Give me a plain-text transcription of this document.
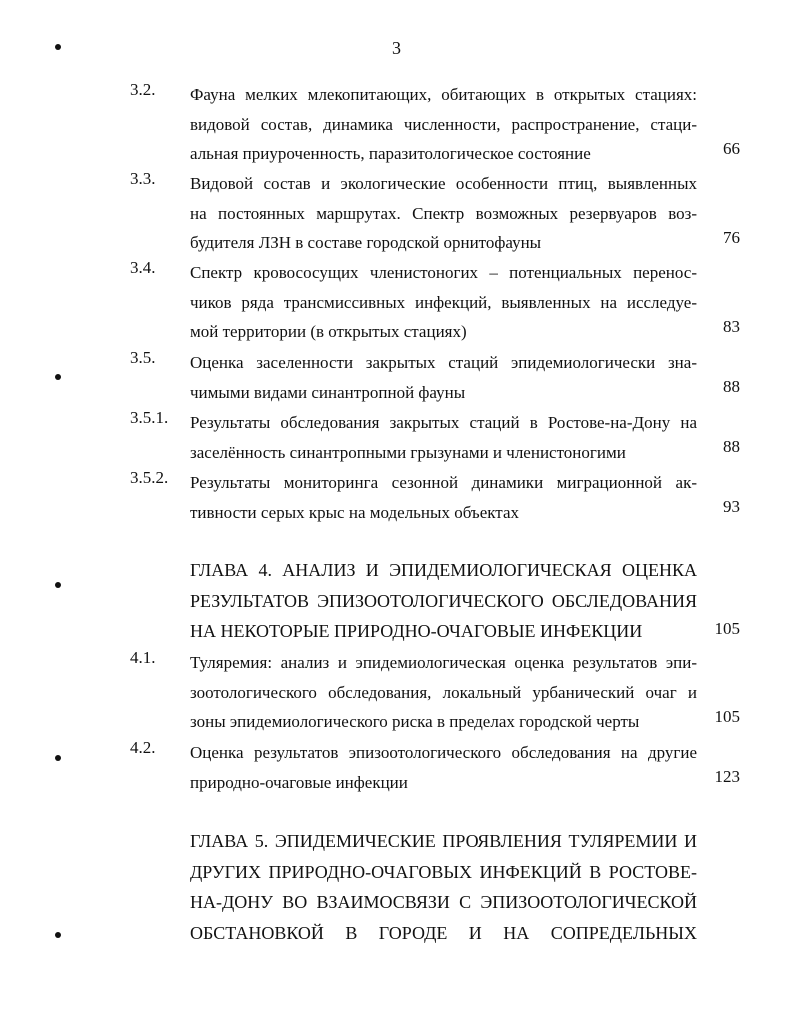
3
3.2. Фауна мелких млекопитающих, обитающих в открытых стациях:
видовой состав, динамика численности, распространение, стаци-
альная приуроченность, паразитологическое состояние	66
3.3. Видовой состав и экологические особенности птиц, выявленных
на постоянных маршрутах. Спектр возможных резервуаров воз-
будителя ЛЗН в составе городской орнитофауны	76
3.4. Спектр кровососущих членистоногих – потенциальных перенос-
чиков ряда трансмиссивных инфекций, выявленных на исследуе-
мой территории (в открытых стациях)	83
3.5. Оценка заселенности закрытых стаций эпидемиологически зна-
чимыми видами синантропной фауны	88
3.5.1. Результаты обследования закрытых стаций в Ростове-на-Дону на
заселённость синантропными грызунами и членистоногими	88
3.5.2. Результаты мониторинга сезонной динамики миграционной ак-
тивности серых крыс на модельных объектах	93
ГЛАВА 4. АНАЛИЗ И ЭПИДЕМИОЛОГИЧЕСКАЯ ОЦЕНКА
РЕЗУЛЬТАТОВ ЭПИЗООТОЛОГИЧЕСКОГО ОБСЛЕДОВАНИЯ
НА НЕКОТОРЫЕ ПРИРОДНО-ОЧАГОВЫЕ ИНФЕКЦИИ	105
4.1. Туляремия: анализ и эпидемиологическая оценка результатов эпи-
зоотологического обследования, локальный урбанический очаг и
зоны эпидемиологического риска в пределах городской черты	105
4.2. Оценка результатов эпизоотологического обследования на другие
природно-очаговые инфекции	123
ГЛАВА 5. ЭПИДЕМИЧЕСКИЕ ПРОЯВЛЕНИЯ ТУЛЯРЕМИИ И
ДРУГИХ ПРИРОДНО-ОЧАГОВЫХ ИНФЕКЦИЙ В РОСТОВЕ-
НА-ДОНУ ВО ВЗАИМОСВЯЗИ С ЭПИЗООТОЛОГИЧЕСКОЙ
ОБСТАНОВКОЙ В ГОРОДЕ И НА СОПРЕДЕЛЬНЫХ
